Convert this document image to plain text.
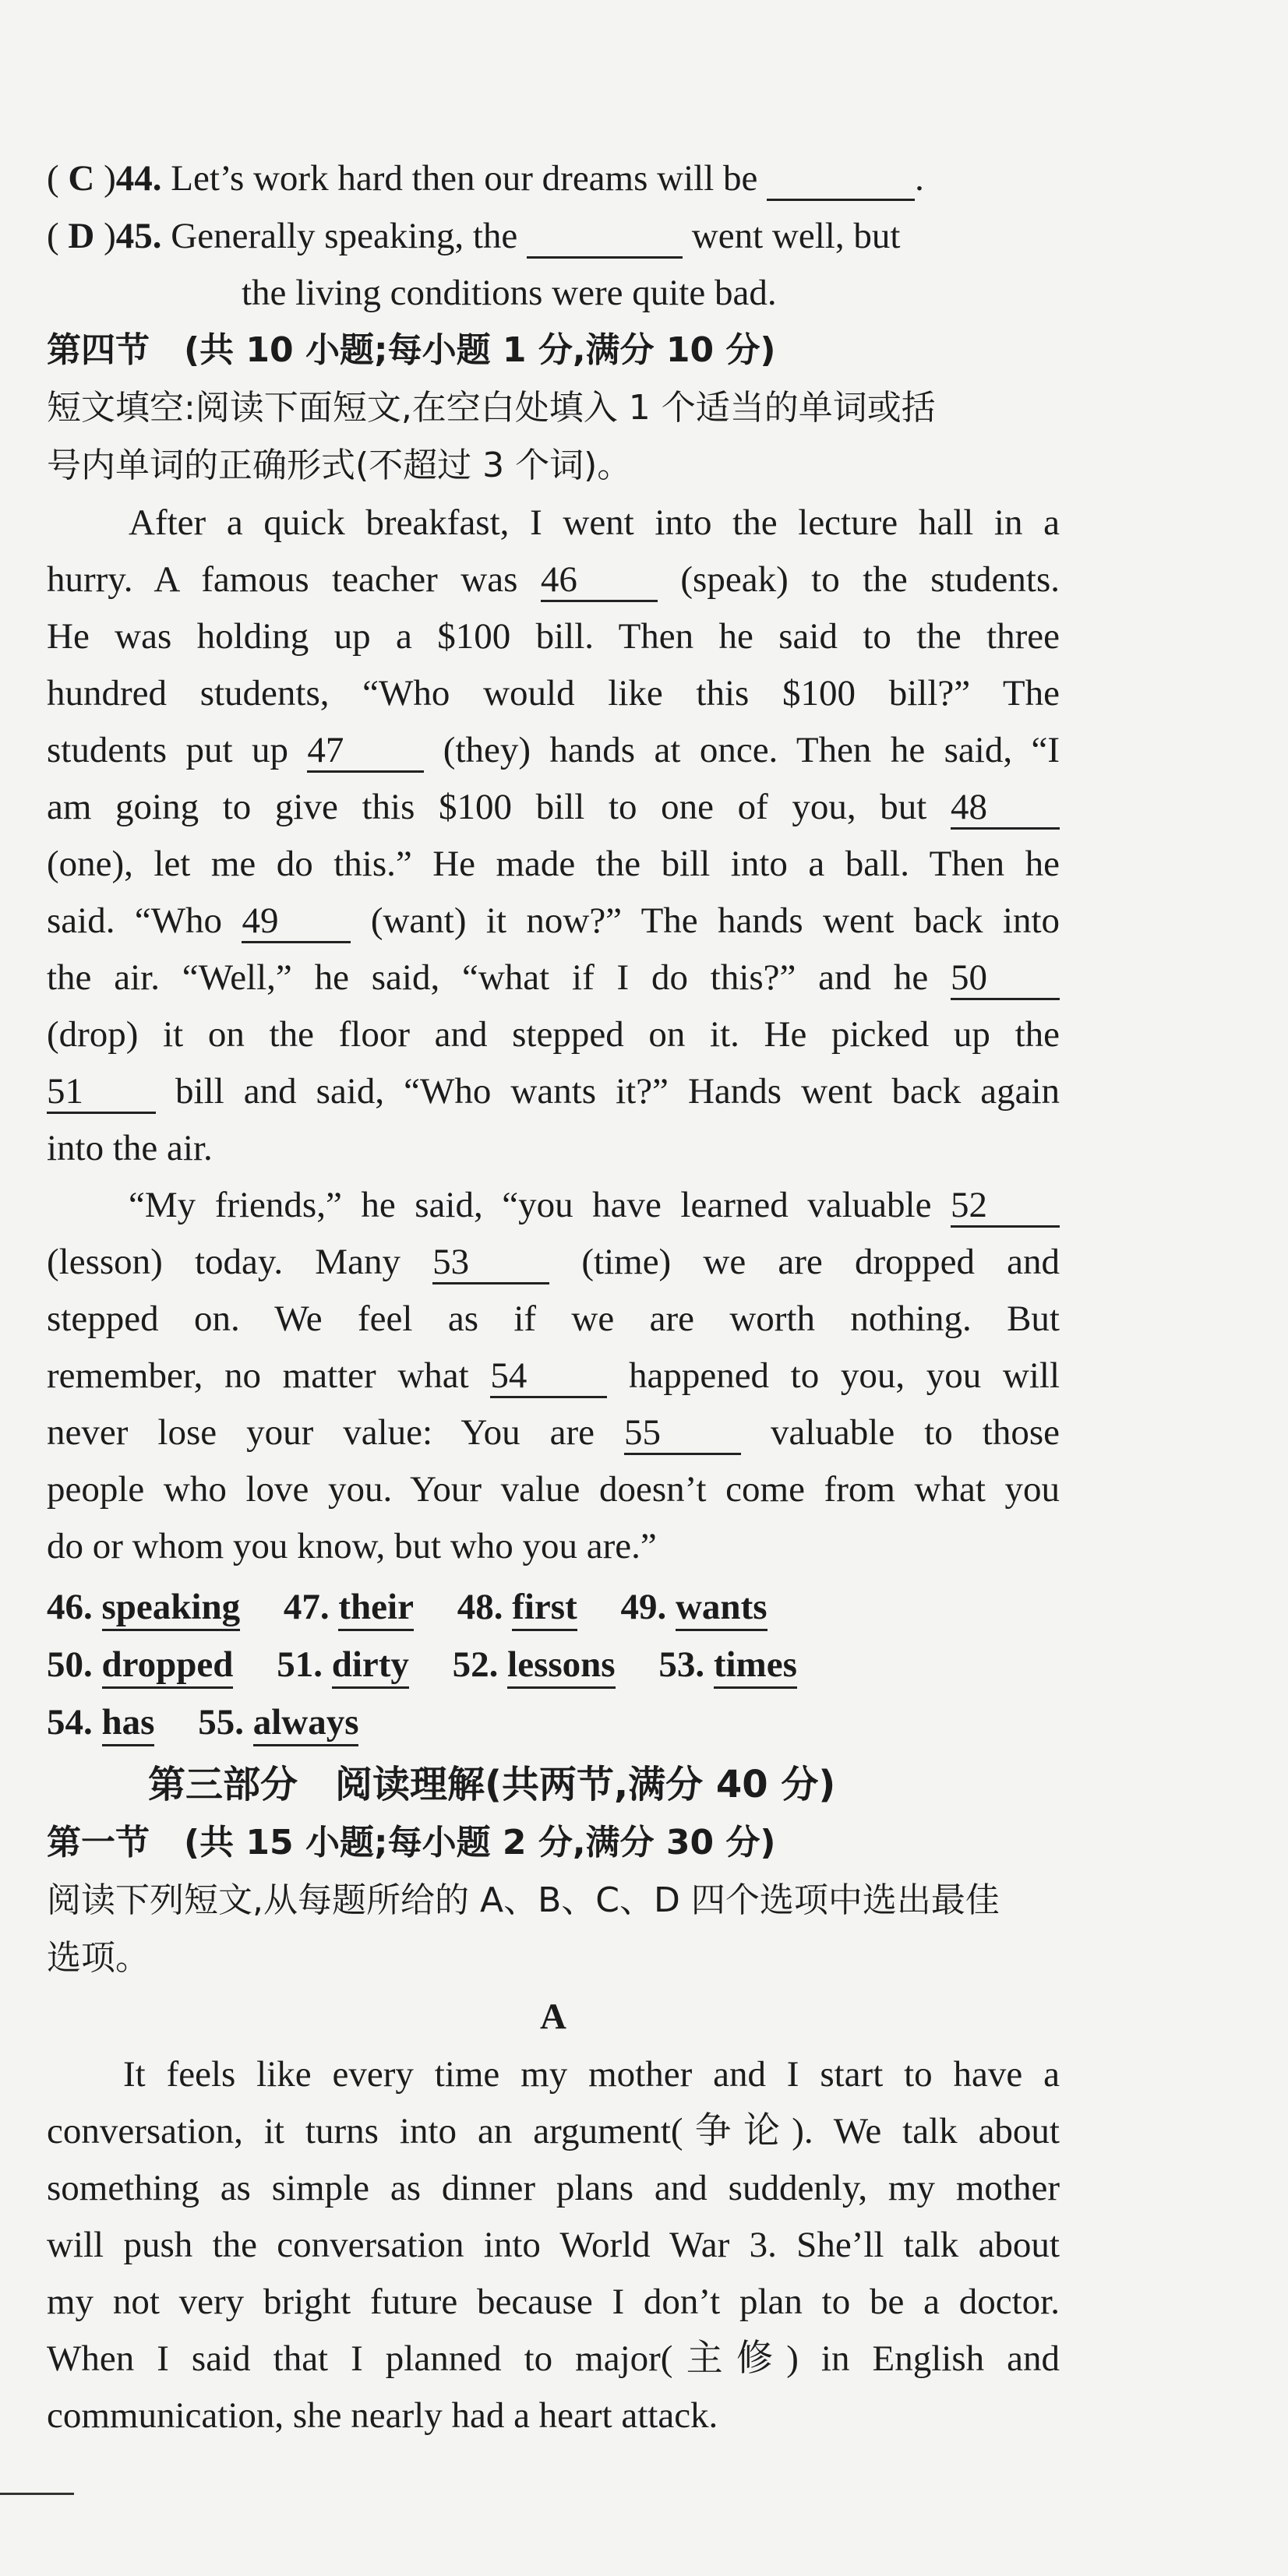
( C )44. Let’s work hard then our dreams will be	.
( D )45. Generally speaking, the	went well, but
the living conditions were quite bad.
第四节　(共 10 小题;每小题 1 分,满分 10 分)
短文填空:阅读下面短文,在空白处填入 1 个适当的单词或括
号内单词的正确形式(不超过 3 个词)。
After a quick breakfast, I went into the lecture hall in a
hurry. A famous teacher was 46	(speak) to the students.
He was holding up a $100 bill. Then he said to the three
hundred students, “Who would like this $100 bill?” The
students put up 47	(they) hands at once. Then he said, “I
am going to give this $100 bill to one of you, but 48
(one), let me do this.” He made the bill into a ball. Then he
said. “Who 49	(want) it now?” The hands went back into
the air. “Well,” he said, “what if I do this?” and he 50
(drop) it on the floor and stepped on it. He picked up the
51	bill and said, “Who wants it?” Hands went back again
into the air.
“My friends,” he said, “you have learned valuable 52
(lesson) today. Many 53	(time) we are dropped and
stepped on. We feel as if we are worth nothing. But
remember, no matter what 54	happened to you, you will
never lose your value: You are 55	valuable to those
people who love you. Your value doesn’t come from what you
do or whom you know, but who you are.”
46. speaking 47. their 48. first 49. wants
50. dropped 51. dirty 52. lessons 53. times
54. has 55. always
第三部分　阅读理解(共两节,满分 40 分)
第一节　(共 15 小题;每小题 2 分,满分 30 分)
阅读下列短文,从每题所给的 A、B、C、D 四个选项中选出最佳
选项。
A
It feels like every time my mother and I start to have a
conversation, it turns into an argument(争论). We talk about
something as simple as dinner plans and suddenly, my mother
will push the conversation into World War 3. She’ll talk about
my not very bright future because I don’t plan to be a doctor.
When I said that I planned to major(主修) in English and
communication, she nearly had a heart attack.
